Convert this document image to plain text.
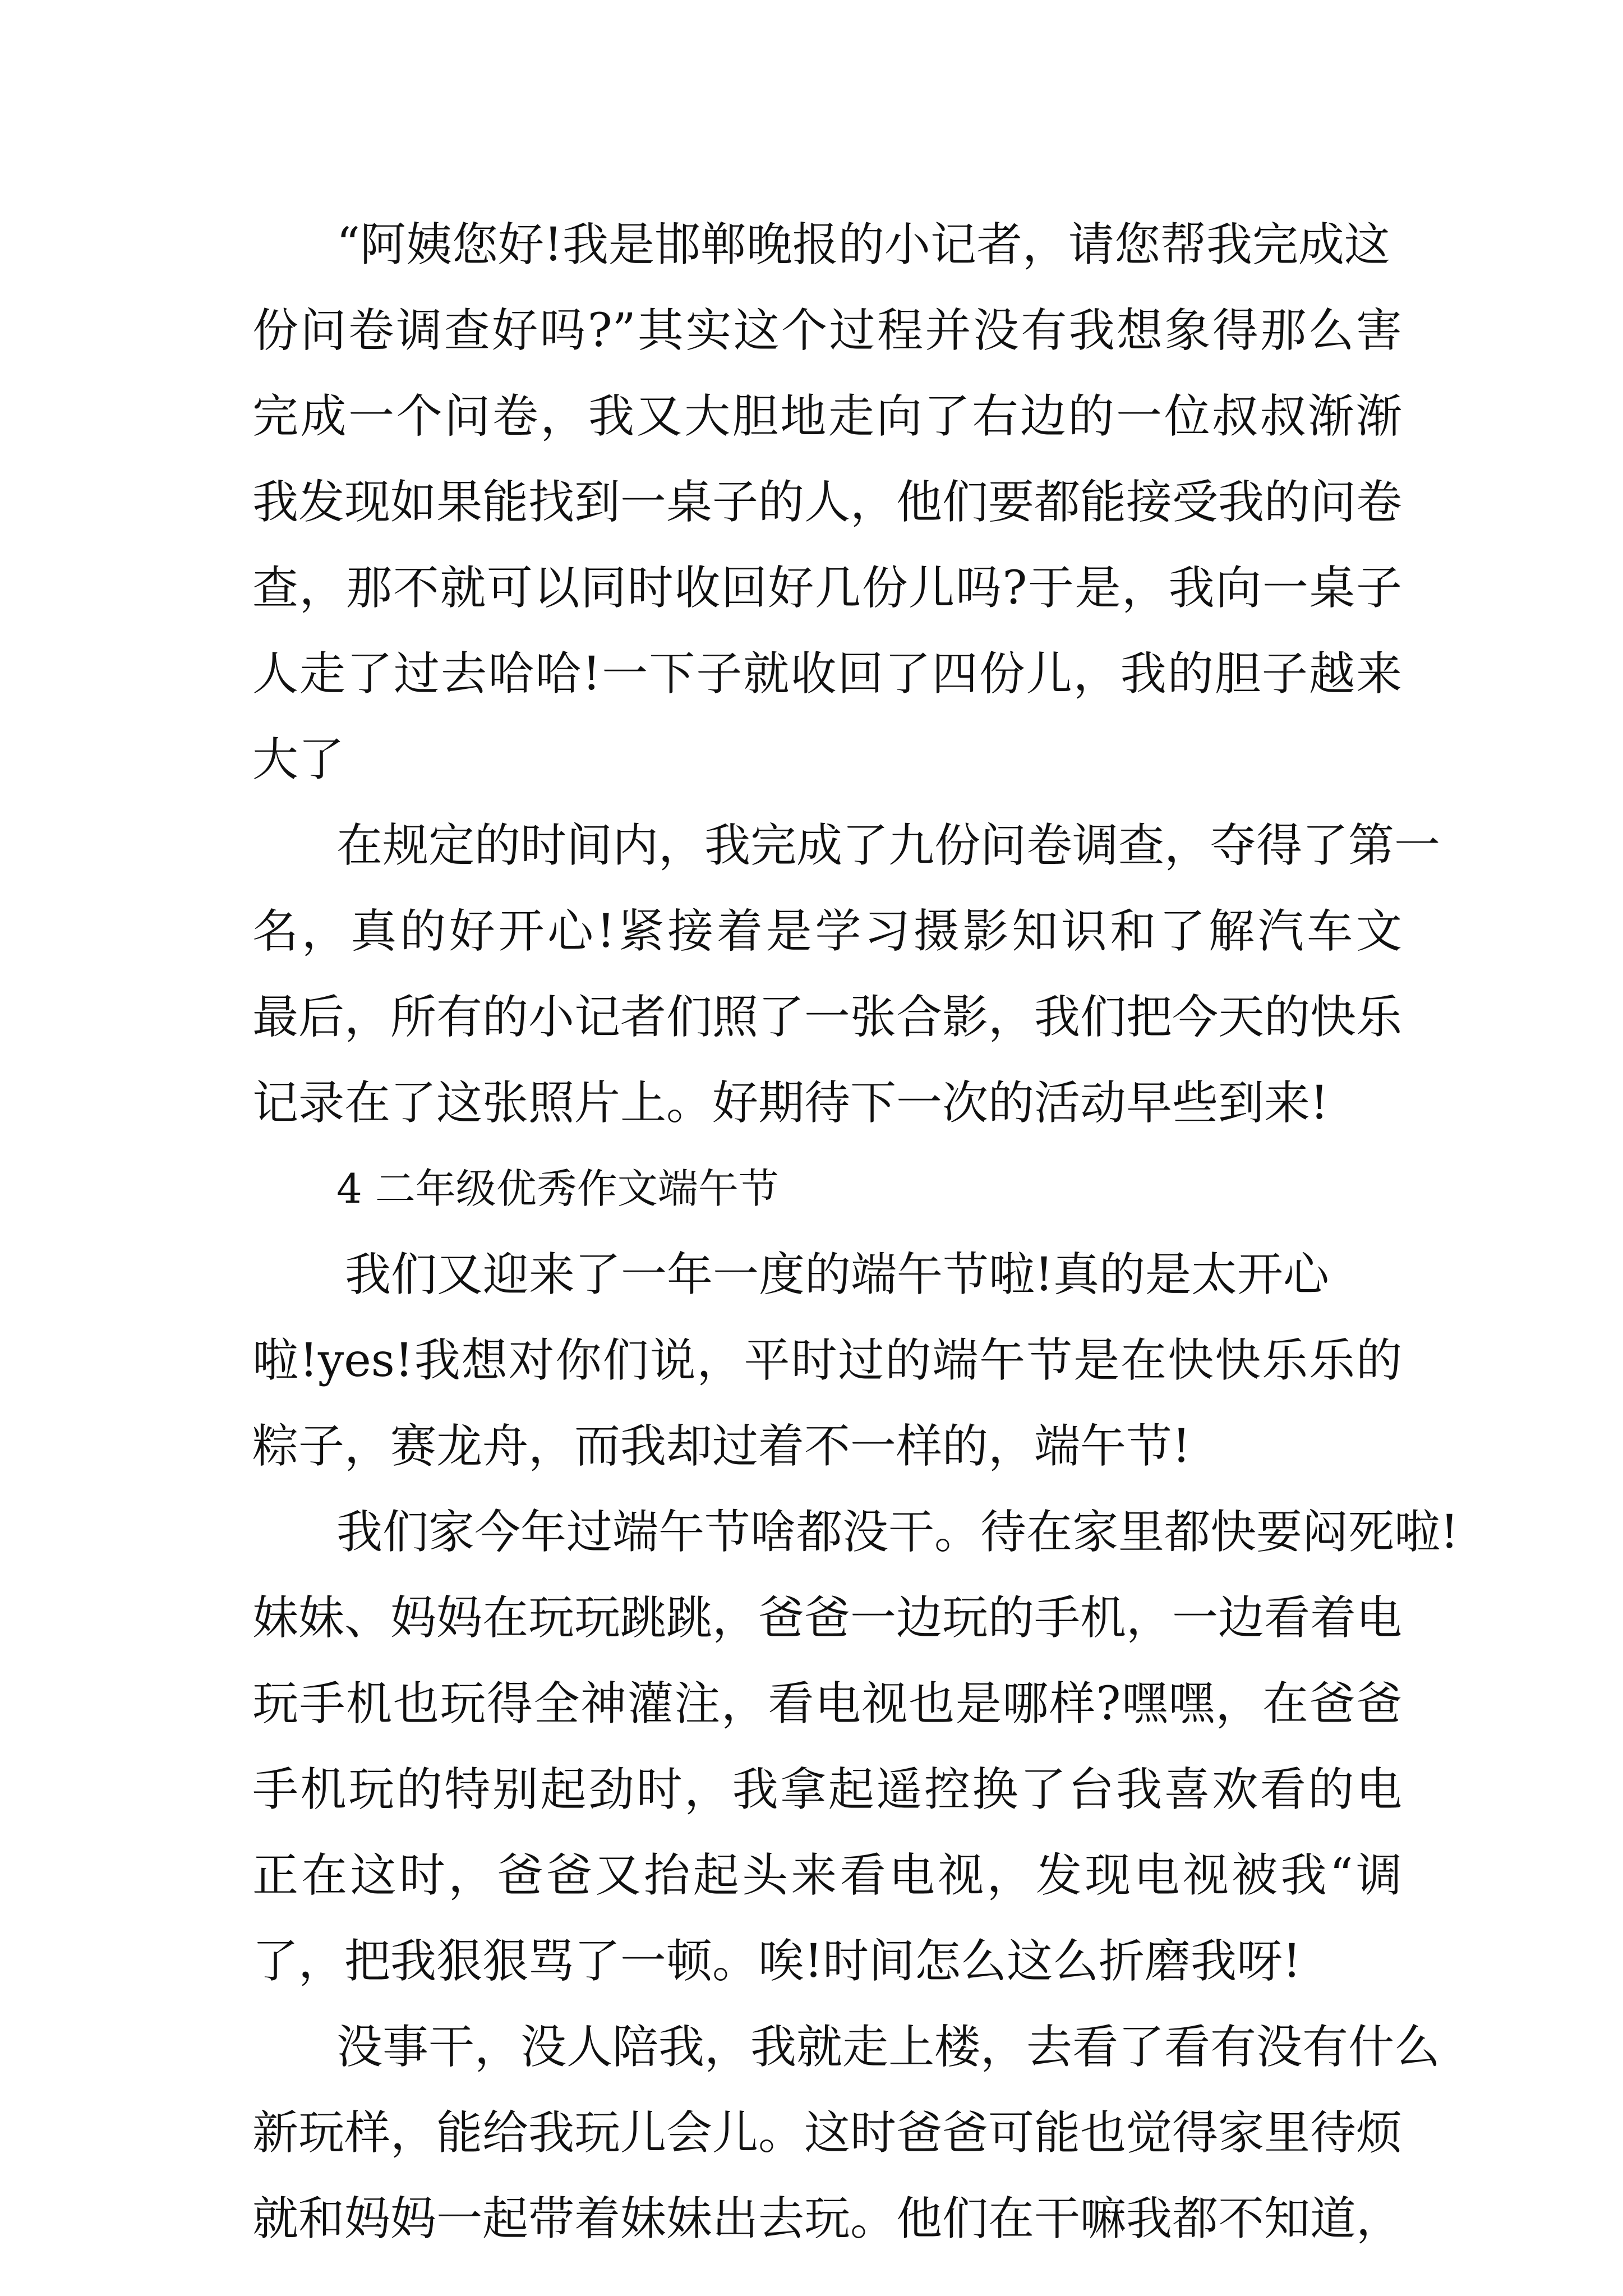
“阿姨您好!我是邯郸晚报的小记者，请您帮我完成这
份问卷调查好吗?”其实这个过程并没有我想象得那么害
完成一个问卷，我又大胆地走向了右边的一位叔叔渐渐
我发现如果能找到一桌子的人，他们要都能接受我的问卷
查，那不就可以同时收回好几份儿吗?于是，我向一桌子
人走了过去哈哈!一下子就收回了四份儿，我的胆子越来
大了
在规定的时间内，我完成了九份问卷调查，夺得了第一
名，真的好开心!紧接着是学习摄影知识和了解汽车文
最后，所有的小记者们照了一张合影，我们把今天的快乐
记录在了这张照片上。好期待下一次的活动早些到来!
4 二年级优秀作文端午节
我们又迎来了一年一度的端午节啦!真的是太开心
啦!yes!我想对你们说，平时过的端午节是在快快乐乐的
粽子，赛龙舟，而我却过着不一样的，端午节!
我们家今年过端午节啥都没干。待在家里都快要闷死啦!
妹妹、妈妈在玩玩跳跳，爸爸一边玩的手机，一边看着电
玩手机也玩得全神灌注，看电视也是哪样?嘿嘿，在爸爸
手机玩的特别起劲时，我拿起遥控换了台我喜欢看的电
正在这时，爸爸又抬起头来看电视，发现电视被我“调
了，把我狠狠骂了一顿。唉!时间怎么这么折磨我呀!
没事干，没人陪我，我就走上楼，去看了看有没有什么
新玩样，能给我玩儿会儿。这时爸爸可能也觉得家里待烦
就和妈妈一起带着妹妹出去玩。他们在干嘛我都不知道，
